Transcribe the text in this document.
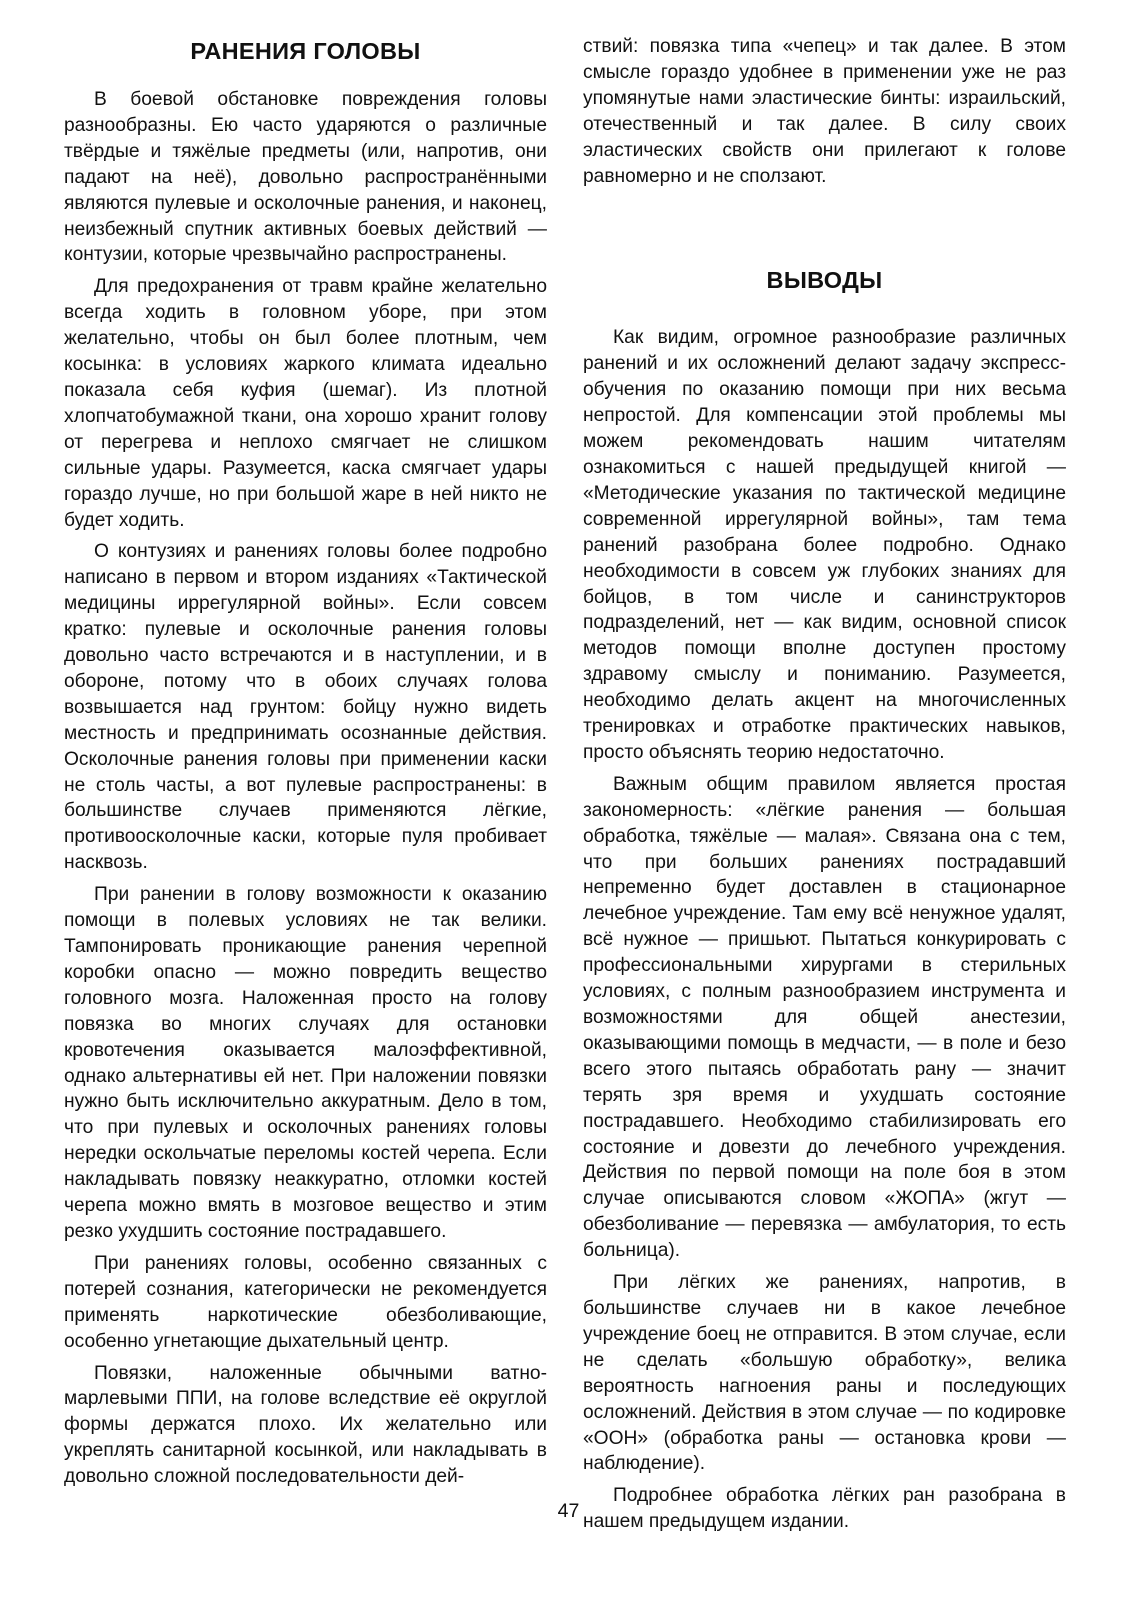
РАНЕНИЯ ГОЛОВЫ

В боевой обстановке повреждения головы разнообразны. Ею часто ударяются о различные твёрдые и тяжёлые предметы (или, напротив, они падают на неё), довольно распространёнными являются пулевые и осколочные ранения, и наконец, неизбежный спутник активных боевых действий — контузии, которые чрезвычайно распространены.

Для предохранения от травм крайне желательно всегда ходить в головном уборе, при этом желательно, чтобы он был более плотным, чем косынка: в условиях жаркого климата идеально показала себя куфия (шемаг). Из плотной хлопчатобумажной ткани, она хорошо хранит голову от перегрева и неплохо смягчает не слишком сильные удары. Разумеется, каска смягчает удары гораздо лучше, но при большой жаре в ней никто не будет ходить.

О контузиях и ранениях головы более подробно написано в первом и втором изданиях «Тактической медицины иррегулярной войны». Если совсем кратко: пулевые и осколочные ранения головы довольно часто встречаются и в наступлении, и в обороне, потому что в обоих случаях голова возвышается над грунтом: бойцу нужно видеть местность и предпринимать осознанные действия. Осколочные ранения головы при применении каски не столь часты, а вот пулевые распространены: в большинстве случаев применяются лёгкие, противоосколочные каски, которые пуля пробивает насквозь.

При ранении в голову возможности к оказанию помощи в полевых условиях не так велики. Тампонировать проникающие ранения черепной коробки опасно — можно повредить вещество головного мозга. Наложенная просто на голову повязка во многих случаях для остановки кровотечения оказывается малоэффективной, однако альтернативы ей нет. При наложении повязки нужно быть исключительно аккуратным. Дело в том, что при пулевых и осколочных ранениях головы нередки оскольчатые переломы костей черепа. Если накладывать повязку неаккуратно, отломки костей черепа можно вмять в мозговое вещество и этим резко ухудшить состояние пострадавшего.

При ранениях головы, особенно связанных с потерей сознания, категорически не рекомендуется применять наркотические обезболивающие, особенно угнетающие дыхательный центр.

Повязки, наложенные обычными ватно-марлевыми ППИ, на голове вследствие её округлой формы держатся плохо. Их желательно или укреплять санитарной косынкой, или накладывать в довольно сложной последовательности дей-

ствий: повязка типа «чепец» и так далее. В этом смысле гораздо удобнее в применении уже не раз упомянутые нами эластические бинты: израильский, отечественный и так далее. В силу своих эластических свойств они прилегают к голове равномерно и не сползают.

ВЫВОДЫ

Как видим, огромное разнообразие различных ранений и их осложнений делают задачу экспресс-обучения по оказанию помощи при них весьма непростой. Для компенсации этой проблемы мы можем рекомендовать нашим читателям ознакомиться с нашей предыдущей книгой — «Методические указания по тактической медицине современной иррегулярной войны», там тема ранений разобрана более подробно. Однако необходимости в совсем уж глубоких знаниях для бойцов, в том числе и санинструкторов подразделений, нет — как видим, основной список методов помощи вполне доступен простому здравому смыслу и пониманию. Разумеется, необходимо делать акцент на многочисленных тренировках и отработке практических навыков, просто объяснять теорию недостаточно.

Важным общим правилом является простая закономерность: «лёгкие ранения — большая обработка, тяжёлые — малая». Связана она с тем, что при больших ранениях пострадавший непременно будет доставлен в стационарное лечебное учреждение. Там ему всё ненужное удалят, всё нужное — пришьют. Пытаться конкурировать с профессиональными хирургами в стерильных условиях, с полным разнообразием инструмента и возможностями для общей анестезии, оказывающими помощь в медчасти, — в поле и безо всего этого пытаясь обработать рану — значит терять зря время и ухудшать состояние пострадавшего. Необходимо стабилизировать его состояние и довезти до лечебного учреждения. Действия по первой помощи на поле боя в этом случае описываются словом «ЖОПА» (жгут — обезболивание — перевязка — амбулатория, то есть больница).

При лёгких же ранениях, напротив, в большинстве случаев ни в какое лечебное учреждение боец не отправится. В этом случае, если не сделать «большую обработку», велика вероятность нагноения раны и последующих осложнений. Действия в этом случае — по кодировке «ООН» (обработка раны — остановка крови — наблюдение).

Подробнее обработка лёгких ран разобрана в нашем предыдущем издании.

47
